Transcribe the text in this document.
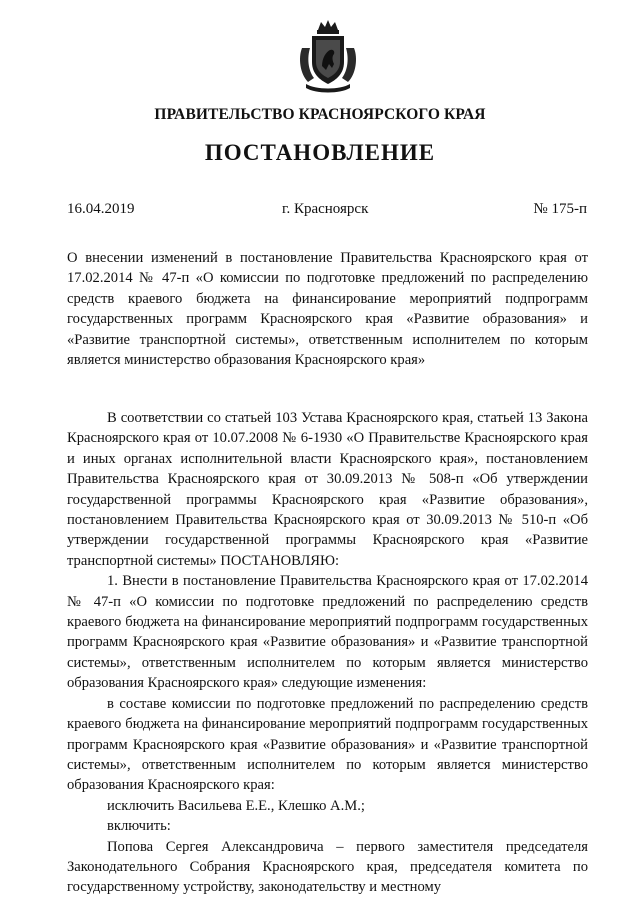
ПРАВИТЕЛЬСТВО КРАСНОЯРСКОГО КРАЯ
ПОСТАНОВЛЕНИЕ
16.04.2019	г. Красноярск	№ 175-п
О внесении изменений в постановление Правительства Красноярского края от 17.02.2014 № 47-п «О комиссии по подготовке предложений по распределению средств краевого бюджета на финансирование мероприятий подпрограмм государственных программ Красноярского края «Развитие образования» и «Развитие транспортной системы», ответственным исполнителем по которым является министерство образования Красноярского края»

В соответствии со статьей 103 Устава Красноярского края, статьей 13 Закона Красноярского края от 10.07.2008 № 6-1930 «О Правительстве Красноярского края и иных органах исполнительной власти Красноярского края», постановлением Правительства Красноярского края от 30.09.2013 № 508-п «Об утверждении государственной программы Красноярского края «Развитие образования», постановлением Правительства Красноярского края от 30.09.2013 № 510-п «Об утверждении государственной программы Красноярского края «Развитие транспортной системы» ПОСТАНОВЛЯЮ:

1. Внести в постановление Правительства Красноярского края от 17.02.2014 № 47-п «О комиссии по подготовке предложений по распределению средств краевого бюджета на финансирование мероприятий подпрограмм государственных программ Красноярского края «Развитие образования» и «Развитие транспортной системы», ответственным исполнителем по которым является министерство образования Красноярского края» следующие изменения:

в составе комиссии по подготовке предложений по распределению средств краевого бюджета на финансирование мероприятий подпрограмм государственных программ Красноярского края «Развитие образования» и «Развитие транспортной системы», ответственным исполнителем по которым является министерство образования Красноярского края:

исключить Васильева Е.Е., Клешко А.М.;

включить:

Попова Сергея Александровича – первого заместителя председателя Законодательного Собрания Красноярского края, председателя комитета по государственному устройству, законодательству и местному
